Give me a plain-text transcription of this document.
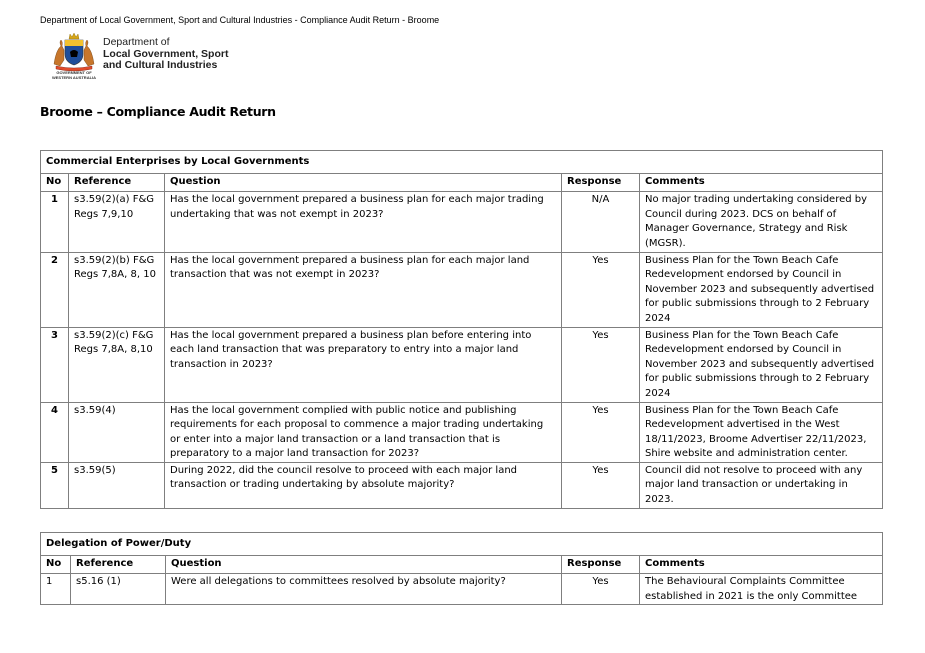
Department of Local Government, Sport and Cultural Industries - Compliance Audit Return - Broome
GOVERNMENT OF
WESTERN AUSTRALIA
Department of
Local Government, Sport
and Cultural Industries
Broome – Compliance Audit Return
Commercial Enterprises by Local Governments				
No	Reference	Question	Response	Comments
1	s3.59(2)(a) F&G Regs 7,9,10	Has the local government prepared a business plan for each major trading undertaking that was not exempt in 2023?	N/A	No major trading undertaking considered by Council during 2023. DCS on behalf of Manager Governance, Strategy and Risk (MGSR).
2	s3.59(2)(b) F&G Regs 7,8A, 8, 10	Has the local government prepared a business plan for each major land transaction that was not exempt in 2023?	Yes	Business Plan for the Town Beach Cafe Redevelopment endorsed by Council in November 2023 and subsequently advertised for public submissions through to 2 February 2024
3	s3.59(2)(c) F&G Regs 7,8A, 8,10	Has the local government prepared a business plan before entering into each land transaction that was preparatory to entry into a major land transaction in 2023?	Yes	Business Plan for the Town Beach Cafe Redevelopment endorsed by Council in November 2023 and subsequently advertised for public submissions through to 2 February 2024
4	s3.59(4)	Has the local government complied with public notice and publishing requirements for each proposal to commence a major trading undertaking or enter into a major land transaction or a land transaction that is preparatory to a major land transaction for 2023?	Yes	Business Plan for the Town Beach Cafe Redevelopment advertised in the West 18/11/2023, Broome Advertiser 22/11/2023, Shire website and administration center.
5	s3.59(5)	During 2022, did the council resolve to proceed with each major land transaction or trading undertaking by absolute majority?	Yes	Council did not resolve to proceed with any major land transaction or undertaking in 2023.
Delegation of Power/Duty				
No	Reference	Question	Response	Comments
1	s5.16 (1)	Were all delegations to committees resolved by absolute majority?	Yes	The Behavioural Complaints Committee established in 2021 is the only Committee
